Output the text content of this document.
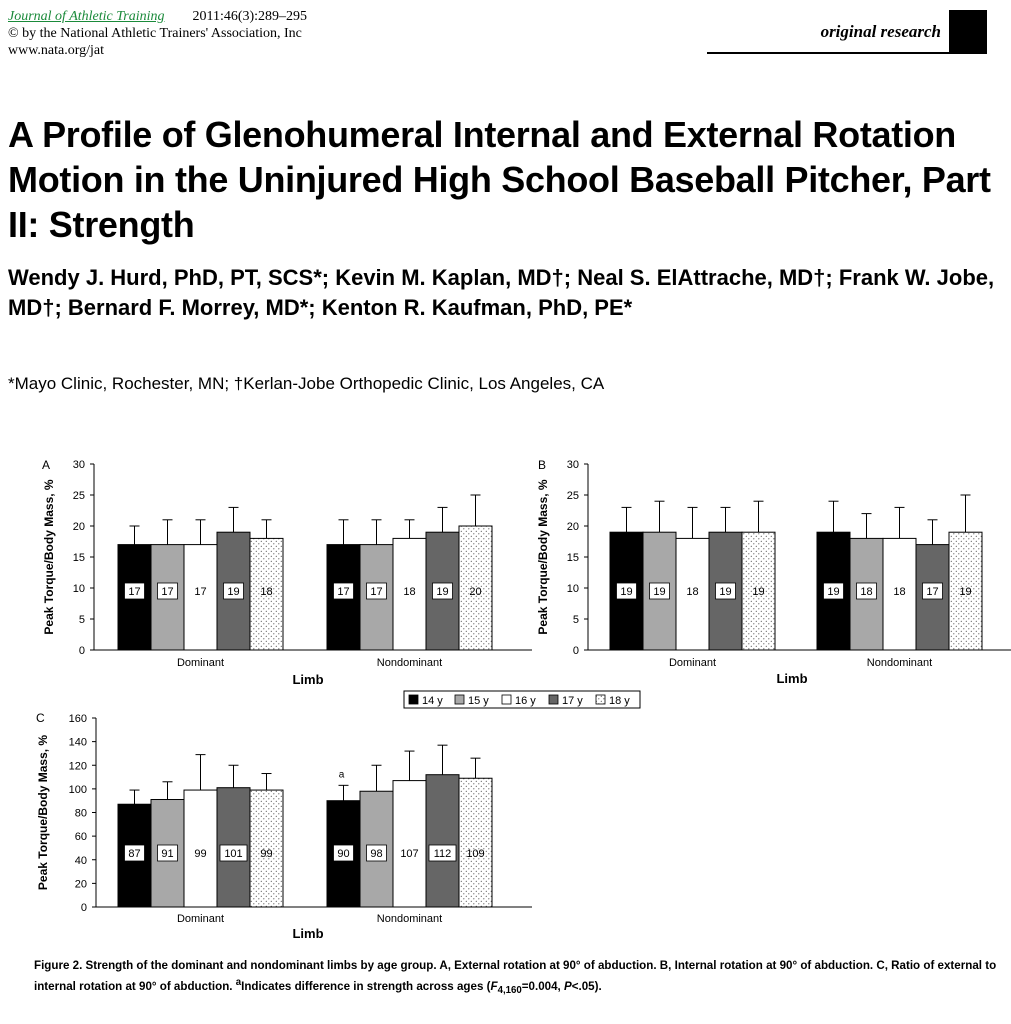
Journal of Athletic Training 2011:46(3):289–295
© by the National Athletic Trainers' Association, Inc
www.nata.org/jat
original research
A Profile of Glenohumeral Internal and External Rotation Motion in the Uninjured High School Baseball Pitcher, Part II: Strength
Wendy J. Hurd, PhD, PT, SCS*; Kevin M. Kaplan, MD†; Neal S. ElAttrache, MD†; Frank W. Jobe, MD†; Bernard F. Morrey, MD*; Kenton R. Kaufman, PhD, PE*
*Mayo Clinic, Rochester, MN; †Kerlan-Jobe Orthopedic Clinic, Los Angeles, CA
A
0
5
10
15
20
25
30
Peak Torque/Body Mass, %	17 17 17 19 18
Dominant
17 17 18 19 20
Nondominant
Limb
B
0
5
10
15
20
25
30
Peak Torque/Body Mass, %	19 19 18 19 19
Dominant
19 18 18 17 19
Nondominant
Limb
C
0
20
40
60
80
100
120
140
160
Peak Torque/Body Mass, %	87 91 99 101 99
Dominant
90 98 107 112 109
Nondominant
Limb
a
14 y 15 y 16 y 17 y 18 y
Figure 2. Strength of the dominant and nondominant limbs by age group. A, External rotation at 90° of abduction. B, Internal rotation at 90° of abduction. C, Ratio of external to internal rotation at 90° of abduction. $^a$Indicates difference in strength across ages ($F_{4,160}=0.004$, P<.05).
